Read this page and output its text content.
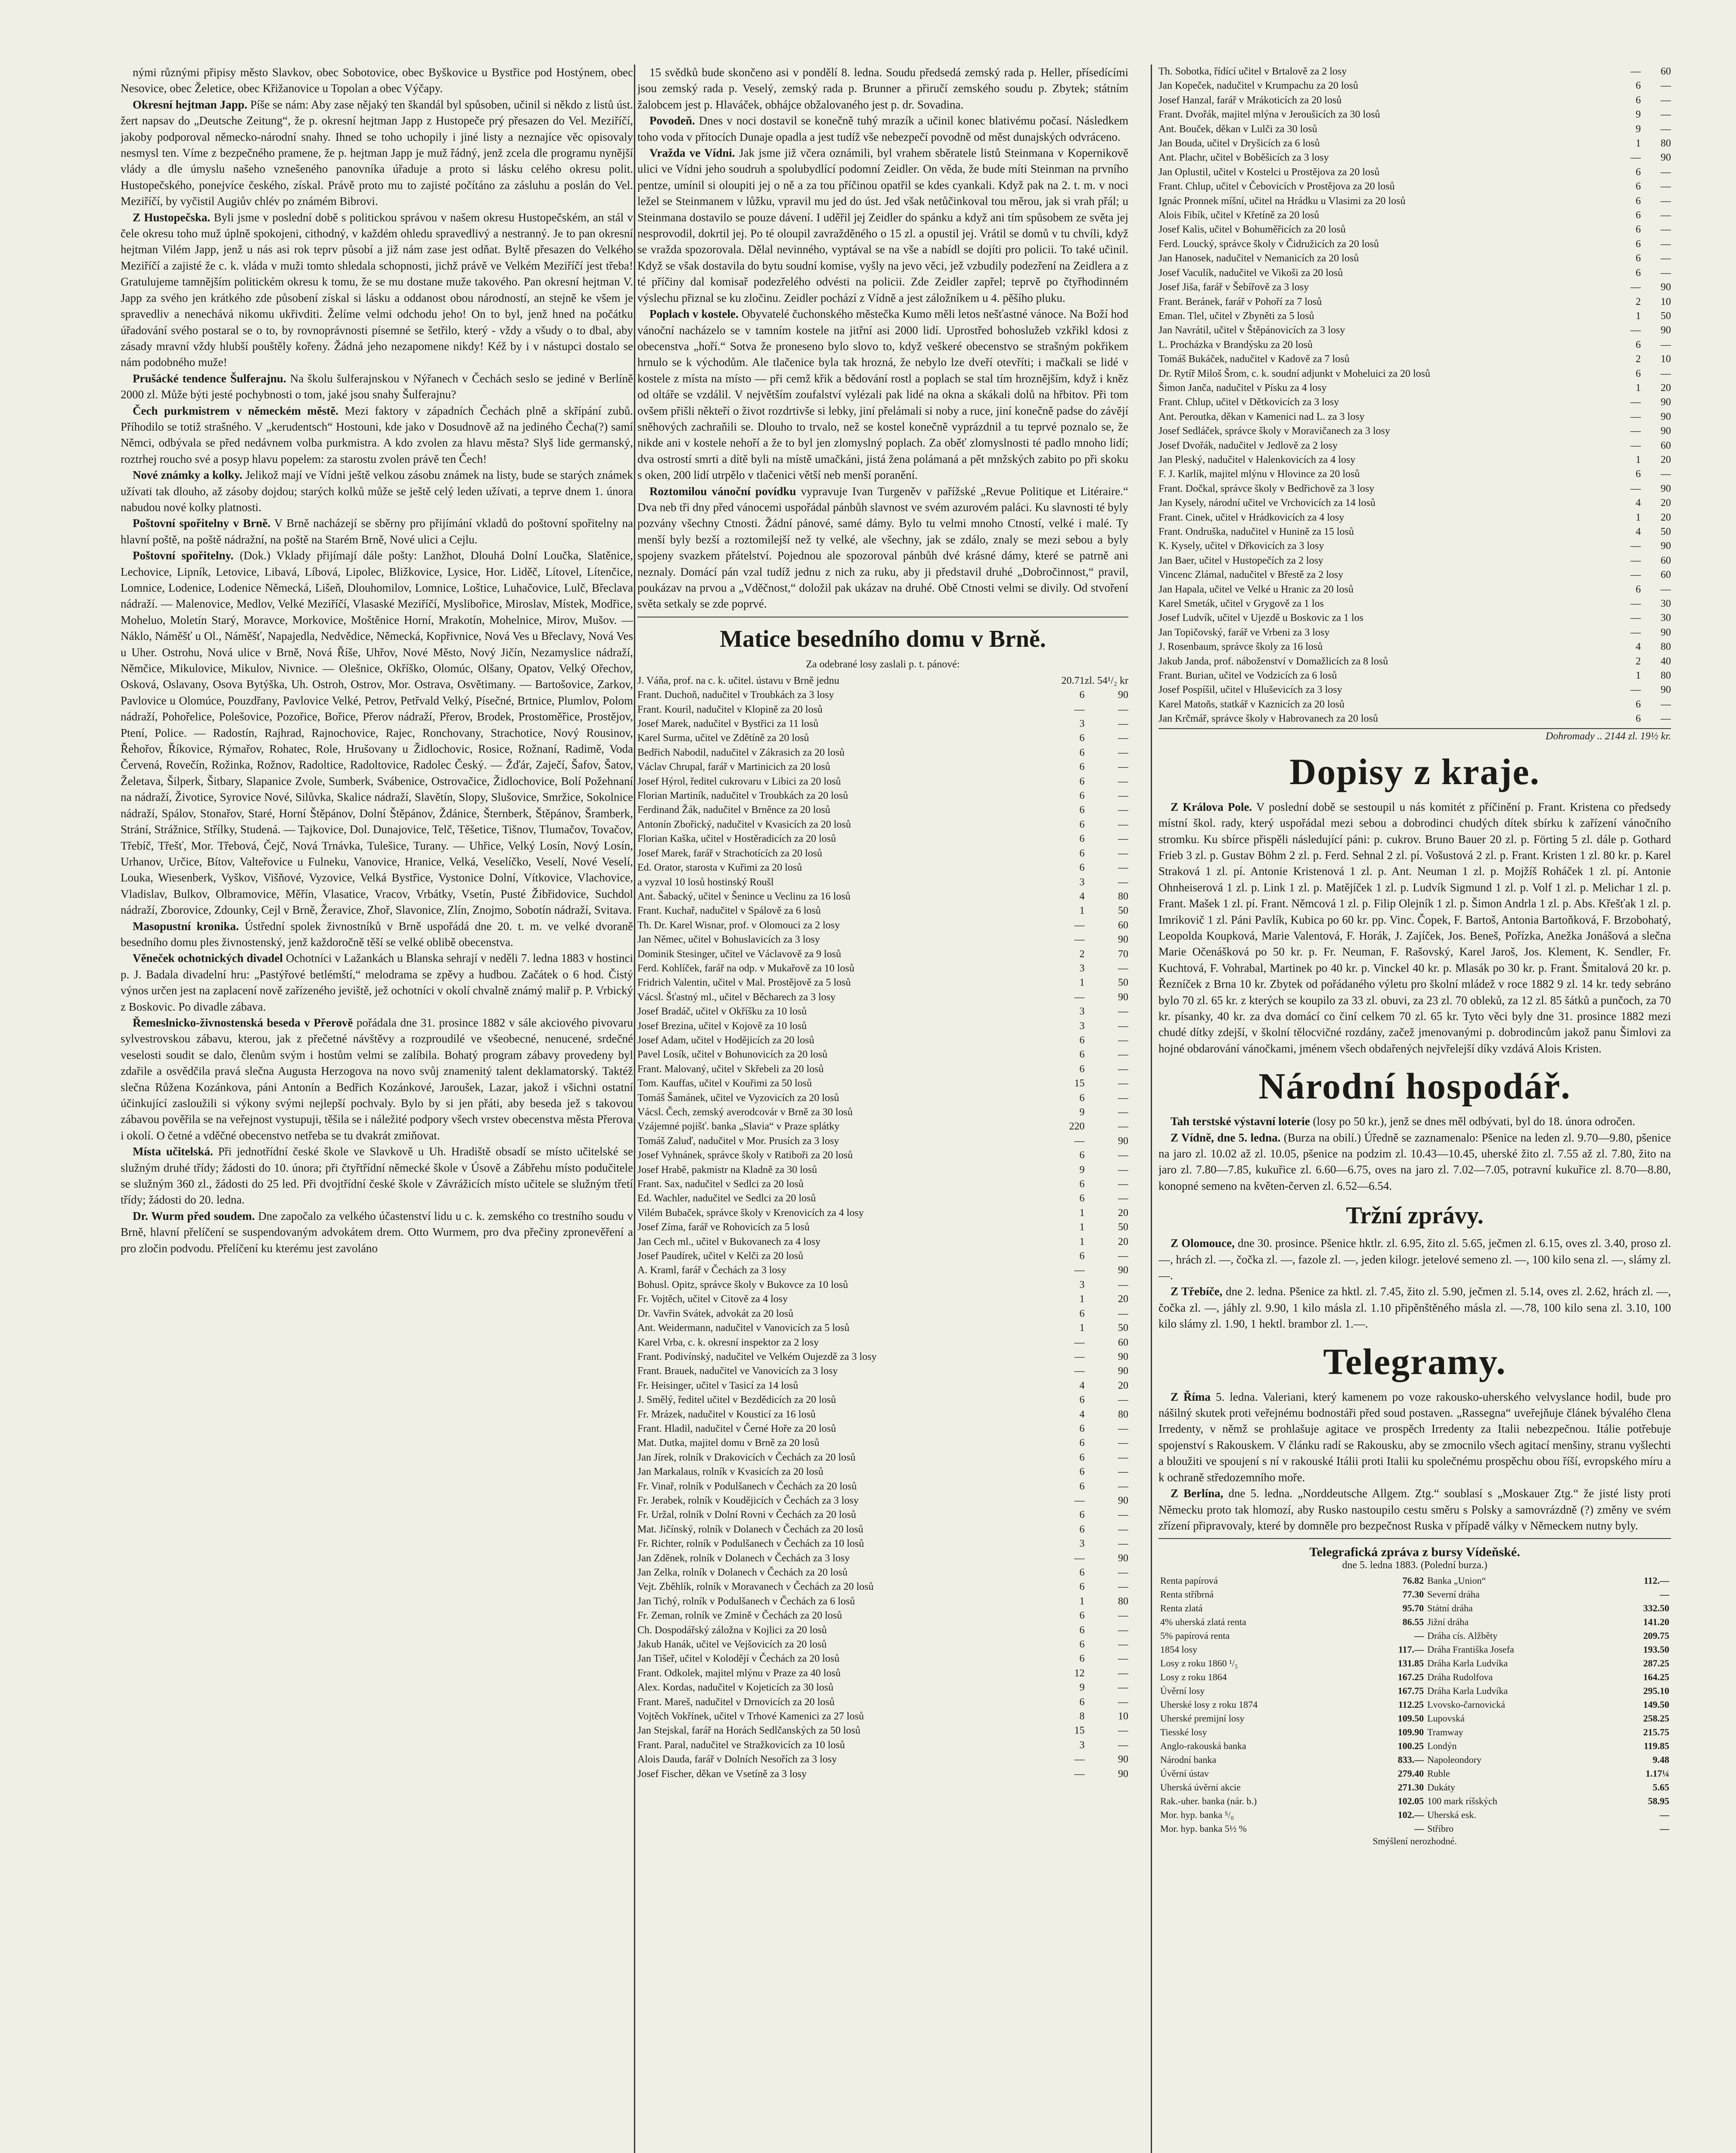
nými různými připisy město Slavkov, obec Sobotovice, obec Byškovice u Bystřice pod Hostýnem, obec Nesovice, obec Želetice, obec Křižanovice u Topolan a obec Výčapy.

Okresní hejtman Japp. Píše se nám: Aby zase nějaký ten škandál byl spůsoben, učinil si někdo z listů úst. žert napsav do „Deutsche Zeitung“, že p. okresní hejtman Japp z Hustopeče prý přesazen do Vel. Meziříčí, jakoby podporoval německo-národní snahy. Ihned se toho uchopily i jiné listy a neznajíce věc opisovaly nesmysl ten. Víme z bezpečného pramene, že p. hejtman Japp je muž řádný, jenž zcela dle programu nynější vlády a dle úmyslu našeho vznešeného panovníka úřaduje a proto si lásku celého okresu polit. Hustopečského, ponejvíce českého, získal. Právě proto mu to zajisté počítáno za zásluhu a poslán do Vel. Meziříčí, by vyčistil Augiův chlév po známém Bibrovi.

Z Hustopečska. Byli jsme v poslední době s politickou správou v našem okresu Hustopečském, an stál v čele okresu toho muž úplně spokojeni, cithodný, v každém ohledu spravedlivý a nestranný. Je to pan okresní hejtman Vilém Japp, jenž u nás asi rok teprv působí a již nám zase jest odňat. Byltě přesazen do Velkého Meziříčí a zajisté že c. k. vláda v muži tomto shledala schopnosti, jichž právě ve Velkém Meziříčí jest třeba! Gratulujeme tamnějším politickém okresu k tomu, že se mu dostane muže takového. Pan okresní hejtman V. Japp za svého jen krátkého zde působení získal si lásku a oddanost obou národností, an stejně ke všem je spravedliv a nenechává nikomu ukřivditi. Želíme velmi odchodu jeho! On to byl, jenž hned na počátku úřadování svého postaral se o to, by rovnoprávnosti písemné se šetřilo, který - vždy a všudy o to dbal, aby zásady mravní vždy hlubší pouštěly kořeny. Žádná jeho nezapomene nikdy! Kéž by i v nástupci dostalo se nám podobného muže!

Prušácké tendence Šulferajnu. Na školu šulferajnskou v Nýřanech v Čechách seslo se jediné v Berlíně 2000 zl. Může býti jesté pochybnosti o tom, jaké jsou snahy Šulferajnu?

Čech purkmistrem v německém městě. Mezi faktory v západních Čechách plně a skřípání zubů. Příhodilo se totiž strašného. V „kerudentsch“ Hostouni, kde jako v Dosudnově až na jediného Čecha(?) samí Němci, odbývala se před nedávnem volba purkmistra. A kdo zvolen za hlavu města? Slyš lide germanský, roztrhej roucho své a posyp hlavu popelem: za starostu zvolen právě ten Čech!

Nové známky a kolky. Jelikož mají ve Vídni ještě velkou zásobu známek na listy, bude se starých známek užívati tak dlouho, až zásoby dojdou; starých kolků může se ještě celý leden užívati, a teprve dnem 1. února nabudou nové kolky platnosti.

Poštovní spořitelny v Brně. V Brně nacházejí se sběrny pro přijímání vkladů do poštovní spořitelny na hlavní poště, na poště nádražní, na poště na Starém Brně, Nové ulici a Cejlu.

Poštovní spořitelny. (Dok.) Vklady přijímají dále pošty: Lanžhot, Dlouhá Dolní Loučka, Slatěnice, Lechovice, Lipník, Letovice, Libavá, Líbová, Lipolec, Bližkovice, Lysice, Hor. Liděč, Lítovel, Lítenčice, Lomnice, Lodenice, Lodenice Německá, Lišeň, Dlouhomilov, Lomnice, Loštice, Luhačovice, Lulč, Břeclava nádraží. — Malenovice, Medlov, Velké Meziříčí, Vlasaské Meziříčí, Myslibořice, Miroslav, Místek, Modřice, Moheluo, Moletín Starý, Moravce, Morkovice, Moštěnice Horní, Mrakotín, Mohelnice, Mirov, Mušov. — Náklo, Náměšť u Ol., Náměšť, Napajedla, Nedvědice, Německá, Kopřivnice, Nová Ves u Břeclavy, Nová Ves u Uher. Ostrohu, Nová ulice v Brně, Nová Říše, Uhřov, Nové Město, Nový Jičín, Nezamyslice nádraží, Němčice, Mikulovice, Mikulov, Nivnice. — Olešnice, Okříško, Olomúc, Olšany, Opatov, Velký Ořechov, Osková, Oslavany, Osova Bytýška, Uh. Ostroh, Ostrov, Mor. Ostrava, Osvětimany. — Bartošovice, Zarkov, Pavlovice u Olomúce, Pouzdřany, Pavlovice Velké, Petrov, Petřvald Velký, Písečné, Brtnice, Plumlov, Polom nádraží, Pohořelice, Polešovice, Pozořice, Bořice, Přerov nádraží, Přerov, Brodek, Prostoměřice, Prostějov, Ptení, Police. — Radostín, Rajhrad, Rajnochovice, Rajec, Ronchovany, Strachotice, Nový Rousinov, Řehořov, Říkovice, Rýmařov, Rohatec, Role, Hrušovany u Židlochovic, Rosice, Rožnaní, Radimě, Voda Červená, Rovečín, Rožinka, Rožnov, Radoltice, Radoltovice, Radolec Český. — Žďár, Zaječí, Šafov, Šatov, Želetava, Šilperk, Šitbary, Slapanice Zvole, Sumberk, Svábenice, Ostrovačice, Židlochovice, Bolí Požehnaní na nádraží, Životice, Syrovice Nové, Silůvka, Skalice nádraží, Slavětín, Slopy, Slušovice, Smržice, Sokolnice nádraží, Spálov, Stonařov, Staré, Horní Štěpánov, Dolní Štěpánov, Ždánice, Šternberk, Štěpánov, Šramberk, Strání, Strážnice, Střílky, Studená. — Tajkovice, Dol. Dunajovice, Telč, Těšetice, Tišnov, Tlumačov, Tovačov, Třebíč, Třešť, Mor. Třebová, Čejč, Nová Trnávka, Tulešice, Turany. — Uhřice, Velký Losín, Nový Losín, Urhanov, Určice, Bítov, Valteřovice u Fulneku, Vanovice, Hranice, Velká, Veselíčko, Veselí, Nové Veselí, Louka, Wiesenberk, Vyškov, Višňové, Vyzovice, Velká Bystřice, Vystonice Dolní, Vítkovice, Vlachovice, Vladislav, Bulkov, Olbramovice, Měřín, Vlasatice, Vracov, Vrbátky, Vsetín, Pusté Žibřidovice, Suchdol nádraží, Zborovice, Zdounky, Cejl v Brně, Žeravice, Zhoř, Slavonice, Zlín, Znojmo, Sobotín nádraží, Svitava.

Masopustní kronika. Ústřední spolek živnostníků v Brně uspořádá dne 20. t. m. ve velké dvoraně besedního domu ples živnostenský, jenž každoročně těší se velké oblibě obecenstva.

Věneček ochotnických divadel Ochotníci v Lažankách u Blanska sehrají v neděli 7. ledna 1883 v hostinci p. J. Badala divadelní hru: „Pastýřové betlémští,“ melodrama se zpěvy a hudbou. Začátek o 6 hod. Čistý výnos určen jest na zaplacení nově zařízeného jeviště, jež ochotníci v okolí chvalně známý maliř p. P. Vrbický z Boskovic. Po divadle zábava.

Řemeslnicko-živnostenská beseda v Přerově pořádala dne 31. prosince 1882 v sále akciového pivovaru sylvestrovskou zábavu, kterou, jak z přečetné návštěvy a rozproudilé ve všeobecné, nenucené, srdečné veselosti soudit se dalo, členům svým i hostům velmi se zalíbila. Bohatý program zábavy provedeny byl zdařile a osvědčila pravá slečna Augusta Herzogova na novo svůj znamenitý talent deklamatorský. Taktéž slečna Růžena Kozánkova, páni Antonín a Bedřich Kozánkové, Jaroušek, Lazar, jakož i všichni ostatní účinkující zasloužili si výkony svými nejlepší pochvaly. Bylo by si jen přáti, aby beseda jež s takovou zábavou pověřila se na veřejnost vystupuji, těšila se i náležité podpory všech vrstev obecenstva města Přerova i okolí. O četné a vděčné obecenstvo netřeba se tu dvakrát zmiňovat.

Místa učitelská. Při jednotřídní české škole ve Slavkově u Uh. Hradiště obsadí se místo učitelské se služným druhé třídy; žádosti do 10. února; při čtyřtřídní německé škole v Úsově a Zábřehu místo podučitele se služným 360 zl., žádosti do 25 led. Při dvojtřídní české škole v Závrážicích místo učitele se služným třetí třídy; žádosti do 20. ledna.

Dr. Wurm před soudem. Dne započalo za velkého účastenství lidu u c. k. zemského co trestního soudu v Brně, hlavní přelíčení se suspendovaným advokátem drem. Otto Wurmem, pro dva přečiny zpronevěření a pro zločin podvodu. Přelíčení ku kterému jest zavoláno

15 svědků bude skončeno asi v pondělí 8. ledna. Soudu předsedá zemský rada p. Heller, přísedícími jsou zemský rada p. Veselý, zemský rada p. Brunner a přiručí zemského soudu p. Zbytek; státním žalobcem jest p. Hlaváček, obhájce obžalovaného jest p. dr. Sovadina.

Povodeň. Dnes v noci dostavil se konečně tuhý mrazík a učinil konec blativému počasí. Následkem toho voda v přítocích Dunaje opadla a jest tudíž vše nebezpečí povodně od měst dunajských odvráceno.

Vražda ve Vídni. Jak jsme již včera oznámili, byl vrahem sběratele listů Steinmana v Kopernikově ulici ve Vídni jeho soudruh a spolubydlící podomní Zeidler. On věda, že bude míti Steinman na prvního pentze, umínil si oloupiti jej o ně a za tou příčinou opatřil se kdes cyankali. Když pak na 2. t. m. v noci ležel se Steinmanem v lůžku, vpravil mu jed do úst. Jed však netůčinkoval tou měrou, jak si vrah přál; u Steinmana dostavilo se pouze dávení. I uděřil jej Zeidler do spánku a když ani tím spůsobem ze světa jej nesprovodil, dokrtil jej. Po té oloupil zavražděného o 15 zl. a opustil jej. Vrátil se domů v tu chvíli, když se vražda spozorovala. Dělal nevinného, vyptával se na vše a nabídl se dojíti pro policii. To také učinil. Když se však dostavila do bytu soudní komise, vyšly na jevo věci, jež vzbudily podezření na Zeidlera a z té příčiny dal komisař podezřelého odvésti na policii. Zde Zeidler zapřel; teprvě po čtyřhodinném výslechu přiznal se ku zločinu. Zeidler pochází z Vídně a jest záložníkem u 4. pěšího pluku.

Poplach v kostele. Obyvatelé čuchonského městečka Kumo měli letos nešťastné vánoce. Na Boží hod vánoční nacházelo se v tamním kostele na jitřní asi 2000 lidí. Uprostřed bohoslužeb vzkřikl kdosi z obecenstva „hoří.“ Sotva že proneseno bylo slovo to, když veškeré obecenstvo se strašným pokřikem hrnulo se k východům. Ale tlačenice byla tak hrozná, že nebylo lze dveří otevříti; i mačkali se lidé v kostele z místa na místo — při cemž křik a bědování rostl a poplach se stal tím hroznějším, když i kněz od oltáře se vzdálil. V největším zoufalství vylézali pak lidé na okna a skákali dolů na hřbitov. Při tom ovšem přišli někteří o život rozdrtivše si lebky, jiní přelámali si noby a ruce, jiní konečně padse do závějí sněhových zachraňili se. Dlouho to trvalo, než se kostel konečně vyprázdnil a tu teprvé poznalo se, že nikde ani v kostele nehoří a že to byl jen zlomyslný poplach. Za oběť zlomyslnosti té padlo mnoho lidí; dva ostrostí smrti a dítě byli na místě umačkáni, jistá žena polámaná a pět mnžských zabito po při skoku s oken, 200 lidí utrpělo v tlačenici větší neb menší poranění.

Roztomilou vánoční povídku vypravuje Ivan Turgeněv v pařížské „Revue Politique et Litéraire.“ Dva neb tři dny před vánocemi uspořádal pánbůh slavnost ve svém azurovém paláci. Ku slavnosti té byly pozvány všechny Ctnosti. Žádní pánové, samé dámy. Bylo tu velmi mnoho Ctností, velké i malé. Ty menší byly bezší a roztomilejší než ty velké, ale všechny, jak se zdálo, znaly se mezi sebou a byly spojeny svazkem přátelství. Pojednou ale spozoroval pánbůh dvé krásné dámy, které se patrně ani neznaly. Domácí pán vzal tudíž jednu z nich za ruku, aby ji představil druhé „Dobročinnost,“ pravil, poukázav na prvou a „Vděčnost,“ doložil pak ukázav na druhé. Obě Ctnosti velmi se divily. Od stvoření světa setkaly se zde poprvé.

Matice besedního domu v Brně.
Za odebrané losy zaslali p. t. pánové:
J. Váňa, prof. na c. k. učitel. ústavu v Brně jednu	20.71	zl. 54¹/₂ kr
Frant. Duchoň, nadučitel v Troubkách za 3 losy	6	90
Frant. Kouril, nadučitel v Klopině za 20 losů	—	—
Josef Marek, nadučitel v Bystřici za 11 losů	3	—
Karel Surma, učitel ve Zdětíně za 20 losů	6	—
Bedřich Nabodil, nadučitel v Zákrasich za 20 losů	6	—
Václav Chrupal, farář v Martinicich za 20 losů	6	—
Josef Hýrol, ředitel cukrovaru v Libici za 20 losů	6	—
Florian Martiník, nadučitel v Troubkách za 20 losů	6	—
Ferdinand Žák, nadučitel v Brněnce za 20 losů	6	—
Antonín Zbořický, nadučitel v Kvasicích za 20 losů	6	—
Florian Kaška, učitel v Hostěradicích za 20 losů	6	—
Josef Marek, farář v Strachotících za 20 losů	6	—
Ed. Orator, starosta v Kuřimi za 20 losů	6	—
a vyzval 10 losů hostinský Roušl	3	—
Ant. Šabacký, učitel v Šenince u Veclinu za 16 losů	4	80
Frant. Kuchař, nadučitel v Spálově za 6 losů	1	50
Th. Dr. Karel Wisnar, prof. v Olomouci za 2 losy	—	60
Jan Němec, učitel v Bohuslavicích za 3 losy	—	90
Dominik Stesinger, učitel ve Václavově za 9 losů	2	70
Ferd. Kohlíček, farář na odp. v Mukařově za 10 losů	3	—
Fridrich Valentin, učitel v Mal. Prostějově za 5 losů	1	50
Vácsl. Šťastný ml., učitel v Běcharech za 3 losy	—	90
Josef Bradáč, učitel v Okříšku za 10 losů	3	—
Josef Brezina, učitel v Kojově za 10 losů	3	—
Josef Adam, učitel v Hodějicích za 20 losů	6	—
Pavel Losík, učitel v Bohunovicích za 20 losů	6	—
Frant. Malovaný, učitel v Skřebeli za 20 losů	6	—
Tom. Kauffas, učitel v Kouřimi za 50 losů	15	—
Tomáš Šamánek, učitel ve Vyzovicích za 20 losů	6	—
Vácsl. Čech, zemský averodcovár v Brně za 30 losů	9	—
Vzájemné pojišť. banka „Slavia“ v Praze splátky	220	—
Tomáš Zaluď, nadučitel v Mor. Prusích za 3 losy	—	90
Josef Vyhnánek, správce školy v Ratiboři za 20 losů	6	—
Josef Hrabě, pakmistr na Kladně za 30 losů	9	—
Frant. Sax, nadučitel v Sedlci za 20 losů	6	—
Ed. Wachler, nadučitel ve Sedlci za 20 losů	6	—
Vilém Bubaček, správce školy v Krenovicích za 4 losy	1	20
Josef Zíma, farář ve Rohovicích za 5 losů	1	50
Jan Cech ml., učitel v Bukovanech za 4 losy	1	20
Josef Paudírek, učitel v Kelči za 20 losů	6	—
A. Kraml, farář v Čechách za 3 losy	—	90
Bohusl. Opitz, správce školy v Bukovce za 10 losů	3	—
Fr. Vojtěch, učitel v Citově za 4 losy	1	20
Dr. Vavřin Svátek, advokát za 20 losů	6	—
Ant. Weidermann, nadučitel v Vanovicích za 5 losů	1	50
Karel Vrba, c. k. okresní inspektor za 2 losy	—	60
Frant. Podivínský, nadučitel ve Velkém Oujezdě za 3 losy	—	90
Frant. Brauek, nadučitel ve Vanovicích za 3 losy	—	90
Fr. Heisinger, učitel v Tasicí za 14 losů	4	20
J. Smělý, ředitel učitel v Bezdědicích za 20 losů	6	—
Fr. Mrázek, nadučitel v Kousticí za 16 losů	4	80
Frant. Hladil, nadučitel v Černé Hoře za 20 losů	6	—
Mat. Dutka, majitel domu v Brně za 20 losů	6	—
Jan Jírek, rolník v Drakovicích v Čechách za 20 losů	6	—
Jan Markalaus, rolník v Kvasicích za 20 losů	6	—
Fr. Vinař, rolník v Podulšanech v Čechách za 20 losů	6	—
Fr. Jerabek, rolník v Koudějicích v Čechách za 3 losy	—	90
Fr. Uržal, rolník v Dolní Rovni v Čechách za 20 losů	6	—
Mat. Jičínský, rolník v Dolanech v Čechách za 20 losů	6	—
Fr. Richter, rolník v Podulšanech v Čechách za 10 losů	3	—
Jan Zděnek, rolník v Dolanech v Čechách za 3 losy	—	90
Jan Zelka, rolník v Dolanech v Čechách za 20 losů	6	—
Vejt. Zběhlík, rolník v Moravanech v Čechách za 20 losů	6	—
Jan Tichý, rolník v Podulšanech v Čechách za 6 losů	1	80
Fr. Zeman, rolník ve Zmině v Čechách za 20 losů	6	—
Ch. Dospodářský záložna v Kojlici za 20 losů	6	—
Jakub Hanák, učitel ve Vejšovicích za 20 losů	6	—
Jan Tišeř, učitel v Kolodějí v Čechách za 20 losů	6	—
Frant. Odkolek, majitel mlýnu v Praze za 40 losů	12	—
Alex. Kordas, nadučitel v Kojeticích za 30 losů	9	—
Frant. Mareš, nadučitel v Drnovicích za 20 losů	6	—
Vojtěch Vokřínek, učitel v Trhové Kamenici za 27 losů	8	10
Jan Stejskal, farář na Horách Sedlčanských za 50 losů	15	—
Frant. Paral, nadučitel ve Stražkovicích za 10 losů	3	—
Alois Dauda, farář v Dolních Nesořích za 3 losy	—	90
Josef Fischer, děkan ve Vsetíně za 3 losy	—	90
Th. Sobotka, řídící učitel v Brtalově za 2 losy	—	60
Jan Kopeček, nadučitel v Krumpachu za 20 losů	6	—
Josef Hanzal, farář v Mrákoticích za 20 losů	6	—
Frant. Dvořák, majitel mlýna v Jeroušicích za 30 losů	9	—
Ant. Bouček, děkan v Lulči za 30 losů	9	—
Jan Bouda, učitel v Dryšicích za 6 losů	1	80
Ant. Plachr, učitel v Boběšicích za 3 losy	—	90
Jan Oplustil, učitel v Kostelci u Prostějova za 20 losů	6	—
Frant. Chlup, učitel v Čebovicích v Prostějova za 20 losů	6	—
Ignác Pronnek míšní, učitel na Hrádku u Vlasimi za 20 losů	6	—
Alois Fibík, učitel v Křetíně za 20 losů	6	—
Josef Kalis, učitel v Bohuměřicích za 20 losů	6	—
Ferd. Loucký, správce školy v Čidružicích za 20 losů	6	—
Jan Hanosek, nadučitel v Nemanicích za 20 losů	6	—
Josef Vaculík, nadučitel ve Vikoši za 20 losů	6	—
Josef Jiša, farář v Šebířově za 3 losy	—	90
Frant. Beránek, farář v Pohoří za 7 losů	2	10
Eman. Tlel, učitel v Zbyněti za 5 losů	1	50
Jan Navrátil, učitel v Štěpánovicích za 3 losy	—	90
L. Procházka v Brandýsku za 20 losů	6	—
Tomáš Bukáček, nadučitel v Kadově za 7 losů	2	10
Dr. Rytíř Miloš Šrom, c. k. soudní adjunkt v Moheluici za 20 losů	6	—
Šimon Janča, nadučitel v Písku za 4 losy	1	20
Frant. Chlup, učitel v Dětkovicích za 3 losy	—	90
Ant. Peroutka, děkan v Kamenici nad L. za 3 losy	—	90
Josef Sedláček, správce školy v Moravičanech za 3 losy	—	90
Josef Dvořák, nadučitel v Jedlově za 2 losy	—	60
Jan Pleský, nadučitel v Halenkovicích za 4 losy	1	20
F. J. Karlík, majitel mlýnu v Hlovince za 20 losů	6	—
Frant. Dočkal, správce školy v Bedřichově za 3 losy	—	90
Jan Kysely, národní učitel ve Vrchovicích za 14 losů	4	20
Frant. Cinek, učitel v Hrádkovicích za 4 losy	1	20
Frant. Ondruška, nadučitel v Hunině za 15 losů	4	50
K. Kysely, učitel v Dřkovicích za 3 losy	—	90
Jan Baer, učitel v Hustopečích za 2 losy	—	60
Vincenc Zlámal, nadučitel v Břestě za 2 losy	—	60
Jan Hapala, učitel ve Velké u Hranic za 20 losů	6	—
Karel Smeták, učitel v Grygově za 1 los	—	30
Josef Ludvík, učitel v Ujezdě u Boskovic za 1 los	—	30
Jan Topičovský, farář ve Vrbeni za 3 losy	—	90
J. Rosenbaum, správce školy za 16 losů	4	80
Jakub Janda, prof. náboženství v Domažlicích za 8 losů	2	40
Frant. Burian, učitel ve Vodzicích za 6 losů	1	80
Josef Pospíšil, učitel v Hluševicích za 3 losy	—	90
Karel Matoňs, statkář v Kaznicích za 20 losů	6	—
Jan Krčmář, správce školy v Habrovanech za 20 losů	6	—
Dohromady .. 2144 zl. 19½ kr.
Dopisy z kraje.

Z Králova Pole. V poslední době se sestoupil u nás komitét z příčinění p. Frant. Kristena co předsedy místní škol. rady, který uspořádal mezi sebou a dobrodinci chudých dítek sbírku k zařízení vánočního stromku. Ku sbírce přispěli následující páni: p. cukrov. Bruno Bauer 20 zl. p. Förting 5 zl. dále p. Gothard Frieb 3 zl. p. Gustav Böhm 2 zl. p. Ferd. Sehnal 2 zl. pí. Vošustová 2 zl. p. Frant. Kristen 1 zl. 80 kr. p. Karel Straková 1 zl. pí. Antonie Kristenová 1 zl. p. Ant. Neuman 1 zl. p. Mojžíš Roháček 1 zl. pí. Antonie Ohnheiserová 1 zl. p. Link 1 zl. p. Matějíček 1 zl. p. Ludvík Sigmund 1 zl. p. Volf 1 zl. p. Melichar 1 zl. p. Frant. Mašek 1 zl. pí. Frant. Němcová 1 zl. p. Filip Olejník 1 zl. p. Šimon Andrla 1 zl. p. Abs. Křešťak 1 zl. p. Imrikovič 1 zl. Páni Pavlík, Kubica po 60 kr. pp. Vinc. Čopek, F. Bartoš, Antonia Bartoňková, F. Brzobohatý, Leopolda Koupková, Marie Valentová, F. Horák, J. Zajíček, Jos. Beneš, Pořízka, Anežka Jonášová a slečna Marie Očenášková po 50 kr. p. Fr. Neuman, F. Rašovský, Karel Jaroš, Jos. Klement, K. Sendler, Fr. Kuchtová, F. Vohrabal, Martinek po 40 kr. p. Vinckel 40 kr. p. Mlasák po 30 kr. p. Frant. Šmitalová 20 kr. p. Řezníček z Brna 10 kr. Zbytek od pořádaného výletu pro školní mládež v roce 1882 9 zl. 14 kr. tedy sebráno bylo 70 zl. 65 kr. z kterých se koupilo za 33 zl. obuvi, za 23 zl. 70 obleků, za 12 zl. 85 šátků a punčoch, za 70 kr. písanky, 40 kr. za dva domácí co činí celkem 70 zl. 65 kr. Tyto věci byly dne 31. prosince 1882 mezi chudé dítky zdejší, v školní tělocvičné rozdány, začež jmenovanými p. dobrodincům jakož panu Šimlovi za hojné obdarování vánočkami, jménem všech obdařených nejvřelejší díky vzdává Alois Kristen.

Národní hospodář.

Tah terstské výstavní loterie (losy po 50 kr.), jenž se dnes měl odbývati, byl do 18. února odročen.

Z Vídně, dne 5. ledna. (Burza na obilí.) Úředně se zaznamenalo: Pšenice na leden zl. 9.70—9.80, pšenice na jaro zl. 10.02 až zl. 10.05, pšenice na podzim zl. 10.43—10.45, uherské žito zl. 7.55 až zl. 7.80, žito na jaro zl. 7.80—7.85, kukuřice zl. 6.60—6.75, oves na jaro zl. 7.02—7.05, potravní kukuřice zl. 8.70—8.80, konopné semeno na květen-červen zl. 6.52—6.54.

Tržní zprávy.

Z Olomouce, dne 30. prosince. Pšenice hktlr. zl. 6.95, žito zl. 5.65, ječmen zl. 6.15, oves zl. 3.40, proso zl. —, hrách zl. —, čočka zl. —, fazole zl. —, jeden kilogr. jetelové semeno zl. —, 100 kilo sena zl. —, slámy zl. —.

Z Třebíče, dne 2. ledna. Pšenice za hktl. zl. 7.45, žito zl. 5.90, ječmen zl. 5.14, oves zl. 2.62, hrách zl. —, čočka zl. —, jáhly zl. 9.90, 1 kilo másla zl. 1.10 připěnštěného másla zl. —.78, 100 kilo sena zl. 3.10, 100 kilo slámy zl. 1.90, 1 hektl. brambor zl. 1.—.

Telegramy.

Z Říma 5. ledna. Valeriani, který kamenem po voze rakousko-uherského velvyslance hodil, bude pro nášilný skutek proti veřejnému bodnostáři před soud postaven. „Rassegna“ uveřejňuje článek bývalého člena Irredenty, v němž se prohlašuje agitace ve prospěch Irredenty za Italii nebezpečnou. Itálie potřebuje spojenství s Rakouskem. V článku radí se Rakousku, aby se zmocnilo všech agitací menšiny, stranu vyšlechti a bloužiti ve spoujení s ní v rakouské Itálii proti Italii ku společnému prospěchu obou říší, evropského míru a k ochraně středozemního moře.

Z Berlína, dne 5. ledna. „Norddeutsche Allgem. Ztg.“ soublasí s „Moskauer Ztg.“ že jisté listy proti Německu proto tak hlomozí, aby Rusko nastoupilo cestu směru s Polsky a samovrázdně (?) změny ve svém zřízení připravovaly, které by domněle pro bezpečnost Ruska v případě války v Německem nutny byly.

Telegrafická zpráva z bursy Vídeňské.
dne 5. ledna 1883. (Polední burza.)
Renta papírová	76.82	Banka „Union“	112.—
Renta stříbrná	77.30	Severní dráha	—
Renta zlatá	95.70	Státní dráha	332.50
4% uherská zlatá renta	86.55	Jižní dráha	141.20
5% papírová renta	—	Dráha cís. Alžběty	209.75
1854 losy	117.—	Dráha Františka Josefa	193.50
Losy z roku 1860 ¹/₅	131.85	Dráha Karla Ludvíka	287.25
Losy z roku 1864	167.25	Dráha Rudolfova	164.25
Úvěrní losy	167.75	Dráha Karla Ludvíka	295.10
Uherské losy z roku 1874	112.25	Lvovsko-čarnovická	149.50
Uherské premijní losy	109.50	Lupovská	258.25
Tiesské losy	109.90	Tramway	215.75
Anglo-rakouská banka	100.25	Londýn	119.85
Národní banka	833.—	Napoleondory	9.48
Úvěrní ústav	279.40	Ruble	1.17¼
Uherská úvěrní akcie	271.30	Dukáty	5.65
Rak.-uher. banka (nár. b.)	102.05	100 mark ríšských	58.95
Mor. hyp. banka ⁵/₀	102.—	Uherská esk.	—
Mor. hyp. banka 5½ %	—	Stříbro	—
Smýšlení nerozhodné.
